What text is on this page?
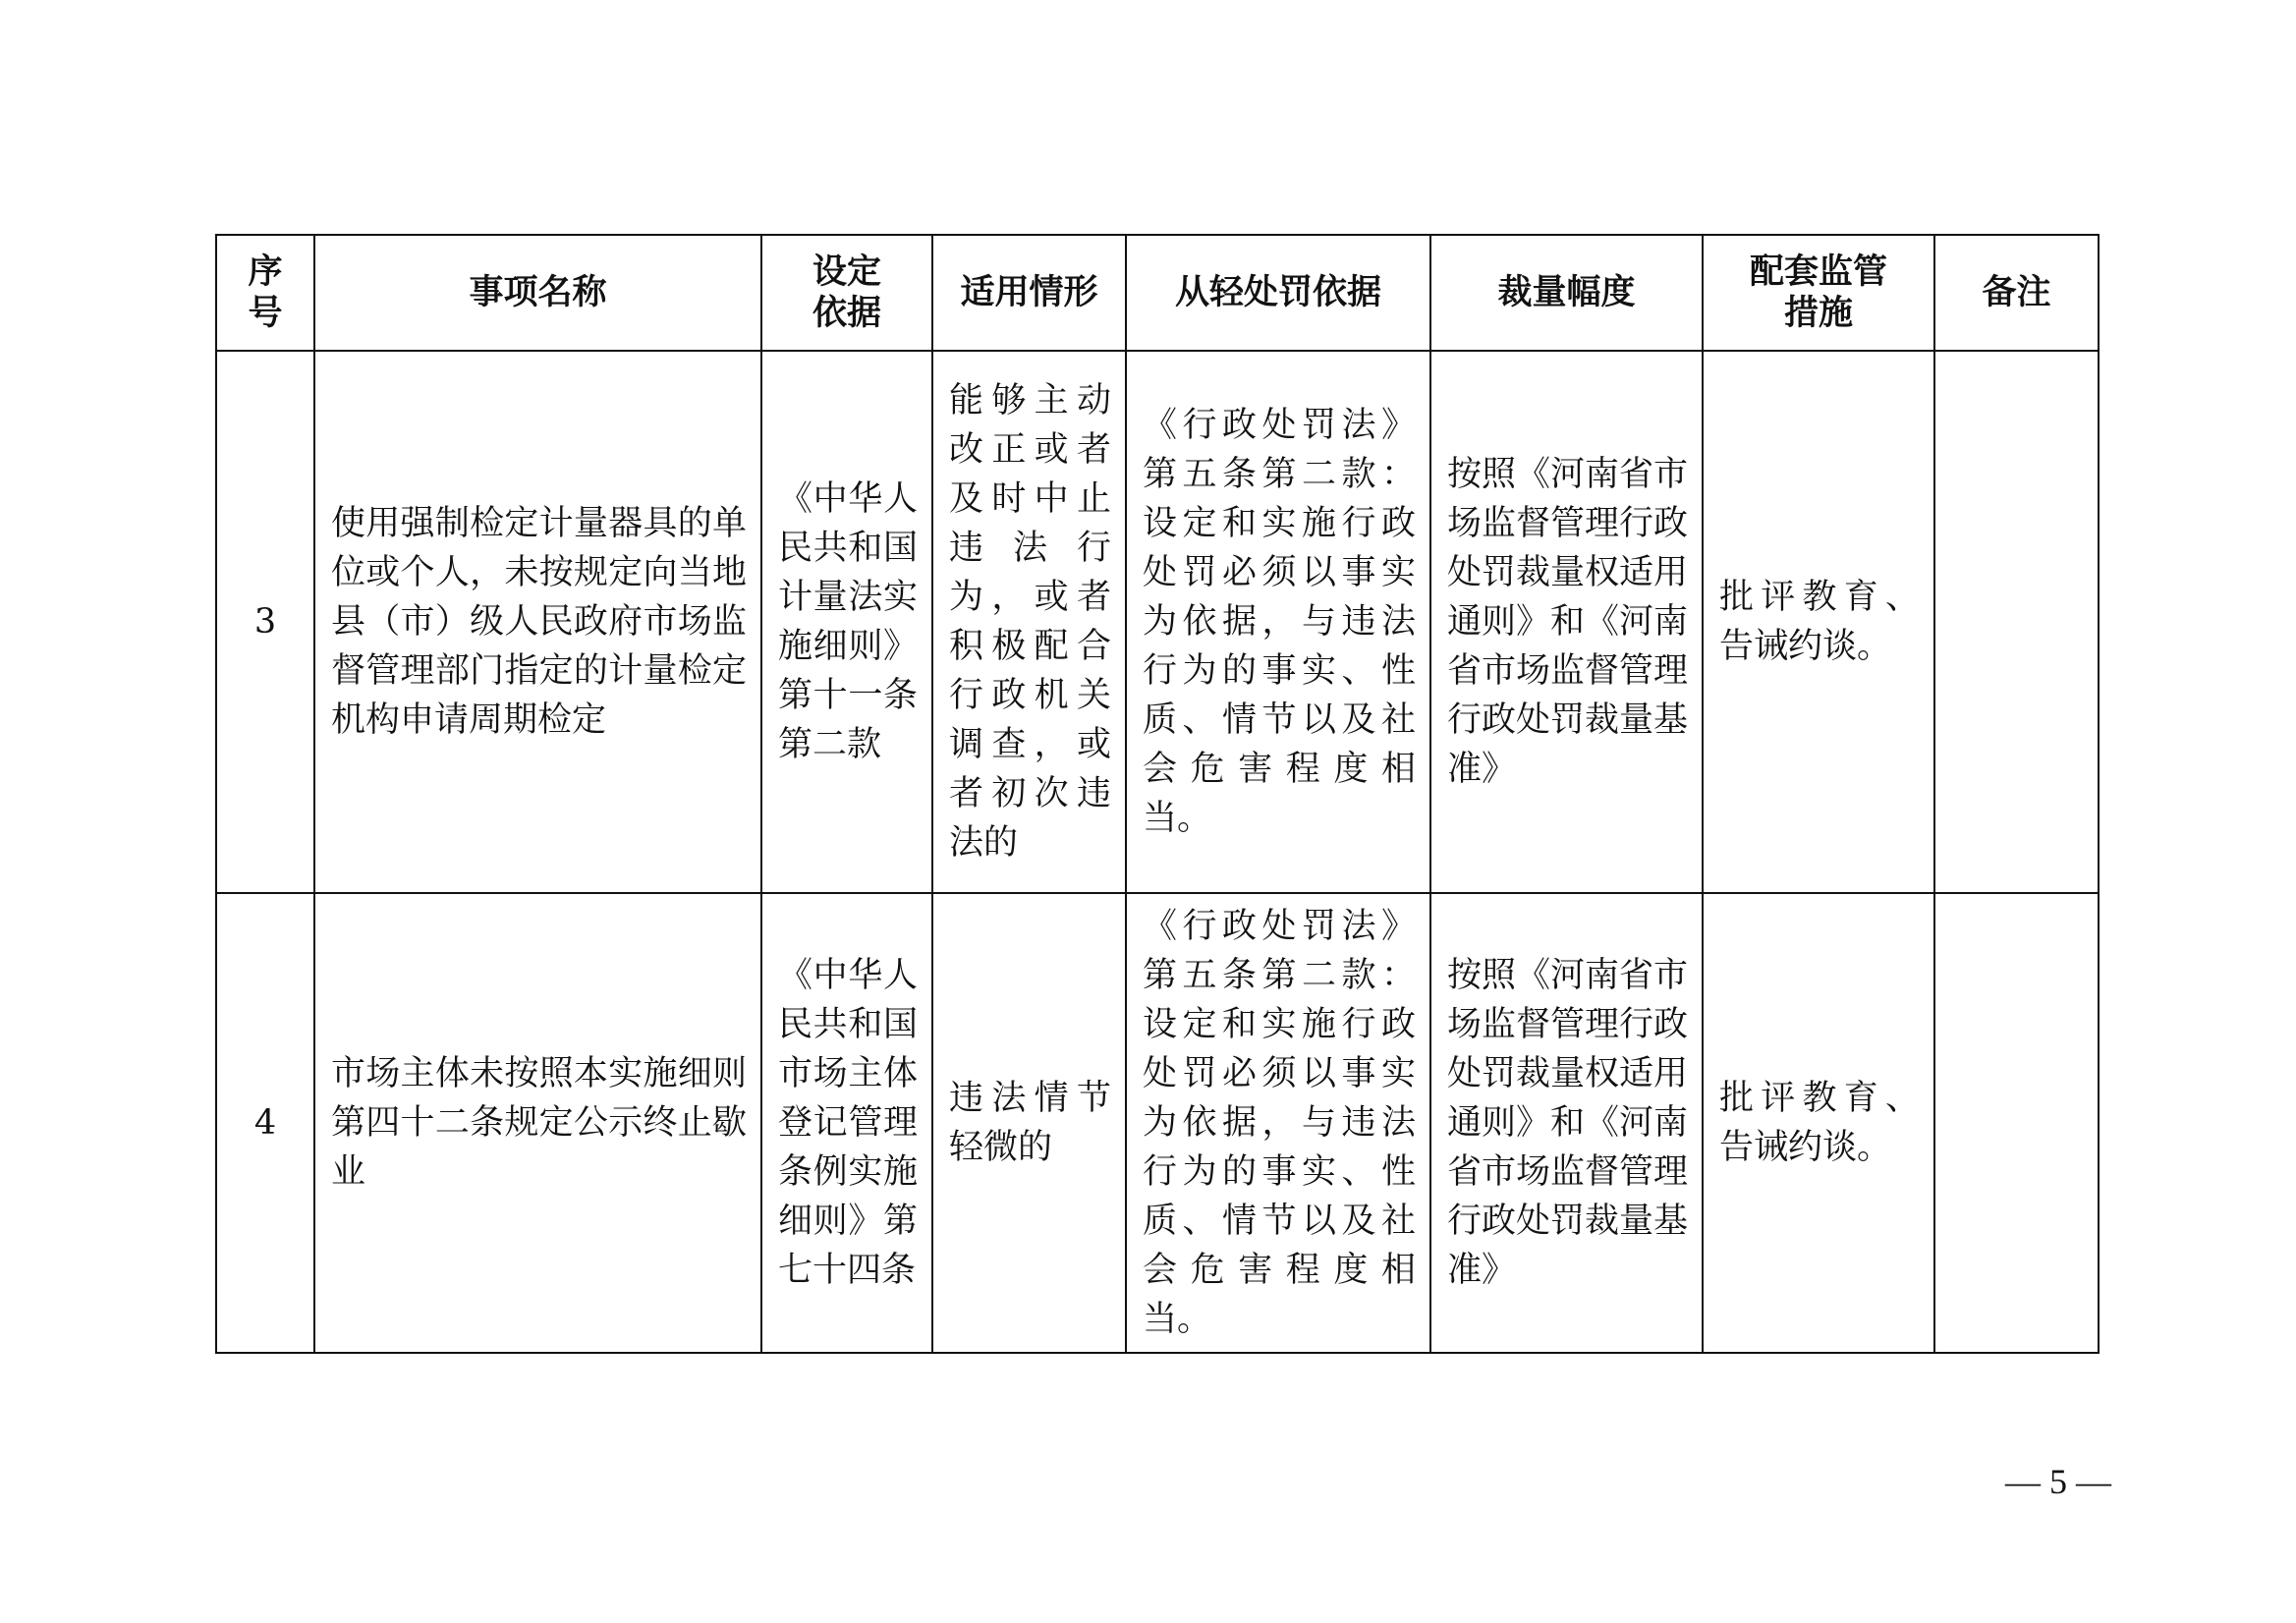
序号	事项名称	设定依据	适用情形	从轻处罚依据	裁量幅度	配套监管措施	备注
3	使用强制检定计量器具的单位或个人，未按规定向当地县（市）级人民政府市场监督管理部门指定的计量检定机构申请周期检定	《中华人民共和国计量法实施细则》第十一条第二款	能够主动改正或者及时中止违法行为，或者积极配合行政机关调查，或者初次违法的	《行政处罚法》第五条第二款：设定和实施行政处罚必须以事实为依据，与违法行为的事实、性质、情节以及社会危害程度相当。	按照《河南省市场监督管理行政处罚裁量权适用通则》和《河南省市场监督管理行政处罚裁量基准》	批评教育、告诫约谈。	

4	市场主体未按照本实施细则第四十二条规定公示终止歇业	《中华人民共和国市场主体登记管理条例实施细则》第七十四条	违法情节轻微的	《行政处罚法》第五条第二款：设定和实施行政处罚必须以事实为依据，与违法行为的事实、性质、情节以及社会危害程度相当。	按照《河南省市场监督管理行政处罚裁量权适用通则》和《河南省市场监督管理行政处罚裁量基准》	批评教育、告诫约谈。	

— 5 —
